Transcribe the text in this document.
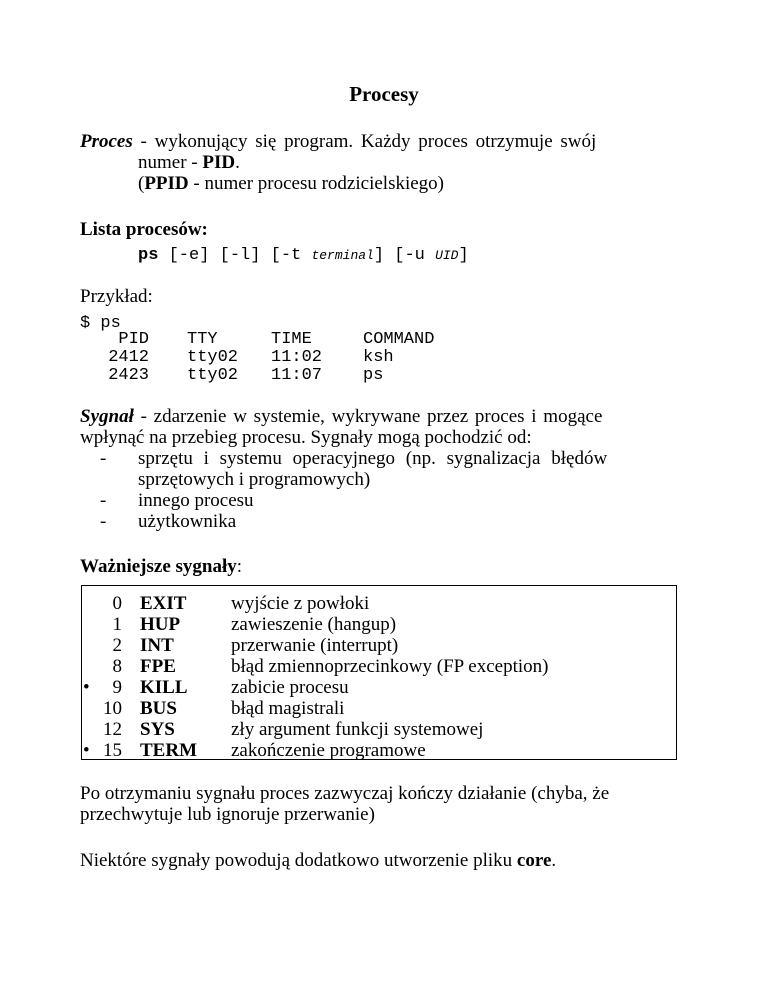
Procesy
Proces - wykonujący się program. Każdy proces otrzymuje swój
numer - PID.
(PPID - numer procesu rodzicielskiego)
Lista procesów:
ps [-e] [-l] [-t terminal] [-u UID]
Przykład:
$ ps
PID TTY	TIME	COMMAND
2412 tty02	11:02	ksh
2423 tty02	11:07	ps
Sygnał - zdarzenie w systemie, wykrywane przez proces i mogące
wpłynąć na przebieg procesu. Sygnały mogą pochodzić od:
- sprzętu i systemu operacyjnego (np. sygnalizacja błędów
sprzętowych i programowych)
- innego procesu
- użytkownika
Ważniejsze sygnały:
0 EXIT wyjście z powłoki
1 HUP	zawieszenie (hangup)
2 INT	przerwanie (interrupt)
8 FPE	błąd zmiennoprzecinkowy (FP exception)
•	9 KILL zabicie procesu
10 BUS	błąd magistrali
12 SYS	zły argument funkcji systemowej
• 15 TERM zakończenie programowe
Po otrzymaniu sygnału proces zazwyczaj kończy działanie (chyba, że
przechwytuje lub ignoruje przerwanie)
Niektóre sygnały powodują dodatkowo utworzenie pliku core.
